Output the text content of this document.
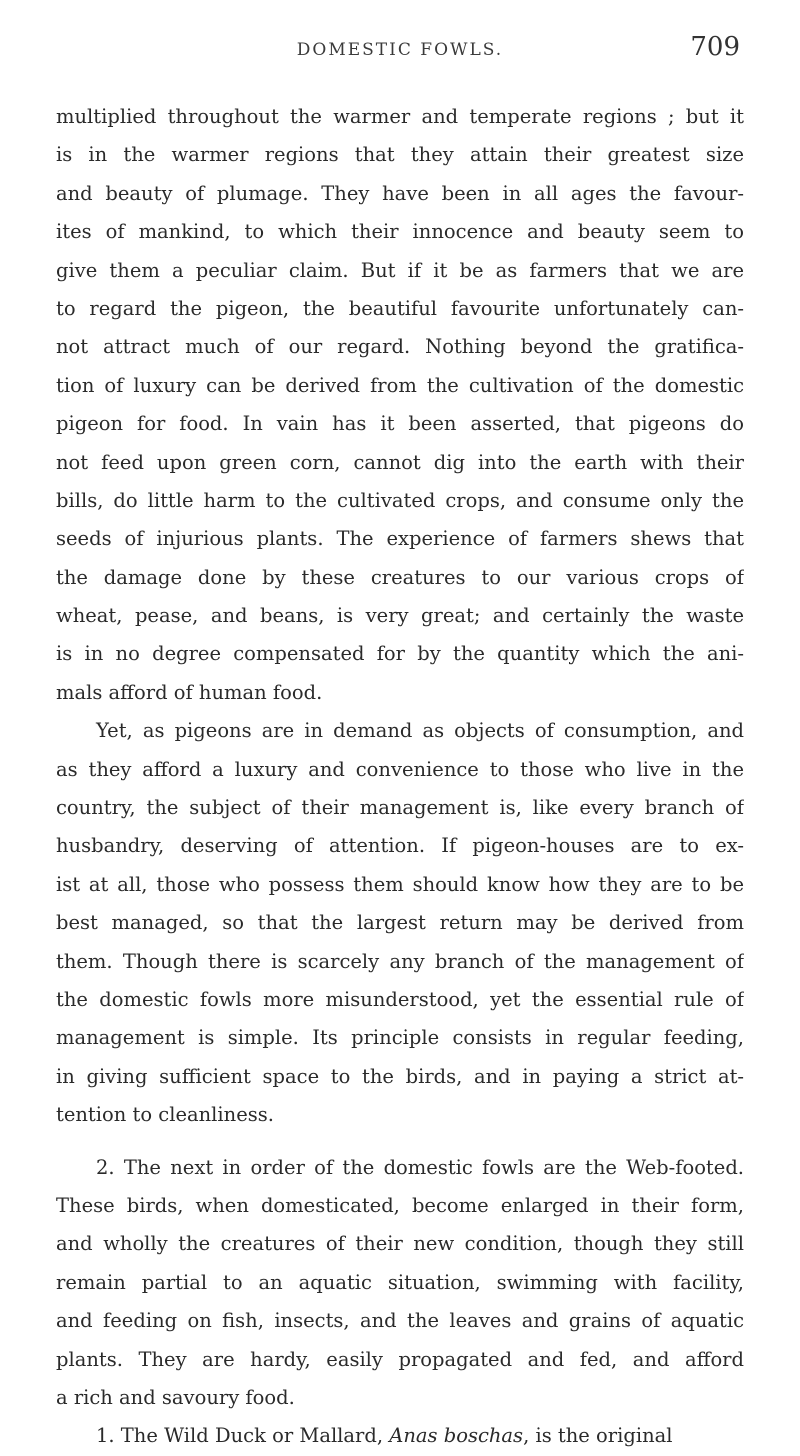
DOMESTIC FOWLS.	709
multiplied throughout the warmer and temperate regions ; but it
is in the warmer regions that they attain their greatest size
and beauty of plumage. They have been in all ages the favour-
ites of mankind, to which their innocence and beauty seem to
give them a peculiar claim. But if it be as farmers that we are
to regard the pigeon, the beautiful favourite unfortunately can-
not attract much of our regard. Nothing beyond the gratifica-
tion of luxury can be derived from the cultivation of the domestic
pigeon for food. In vain has it been asserted, that pigeons do
not feed upon green corn, cannot dig into the earth with their
bills, do little harm to the cultivated crops, and consume only the
seeds of injurious plants. The experience of farmers shews that
the damage done by these creatures to our various crops of
wheat, pease, and beans, is very great; and certainly the waste
is in no degree compensated for by the quantity which the ani-
mals afford of human food.
Yet, as pigeons are in demand as objects of consumption, and
as they afford a luxury and convenience to those who live in the
country, the subject of their management is, like every branch of
husbandry, deserving of attention. If pigeon-houses are to ex-
ist at all, those who possess them should know how they are to be
best managed, so that the largest return may be derived from
them. Though there is scarcely any branch of the management of
the domestic fowls more misunderstood, yet the essential rule of
management is simple. Its principle consists in regular feeding,
in giving sufficient space to the birds, and in paying a strict at-
tention to cleanliness.
2. The next in order of the domestic fowls are the Web-footed.
These birds, when domesticated, become enlarged in their form,
and wholly the creatures of their new condition, though they still
remain partial to an aquatic situation, swimming with facility,
and feeding on fish, insects, and the leaves and grains of aquatic
plants. They are hardy, easily propagated and fed, and afford
a rich and savoury food.
1. The Wild Duck or Mallard, Anas boschas, is the original
